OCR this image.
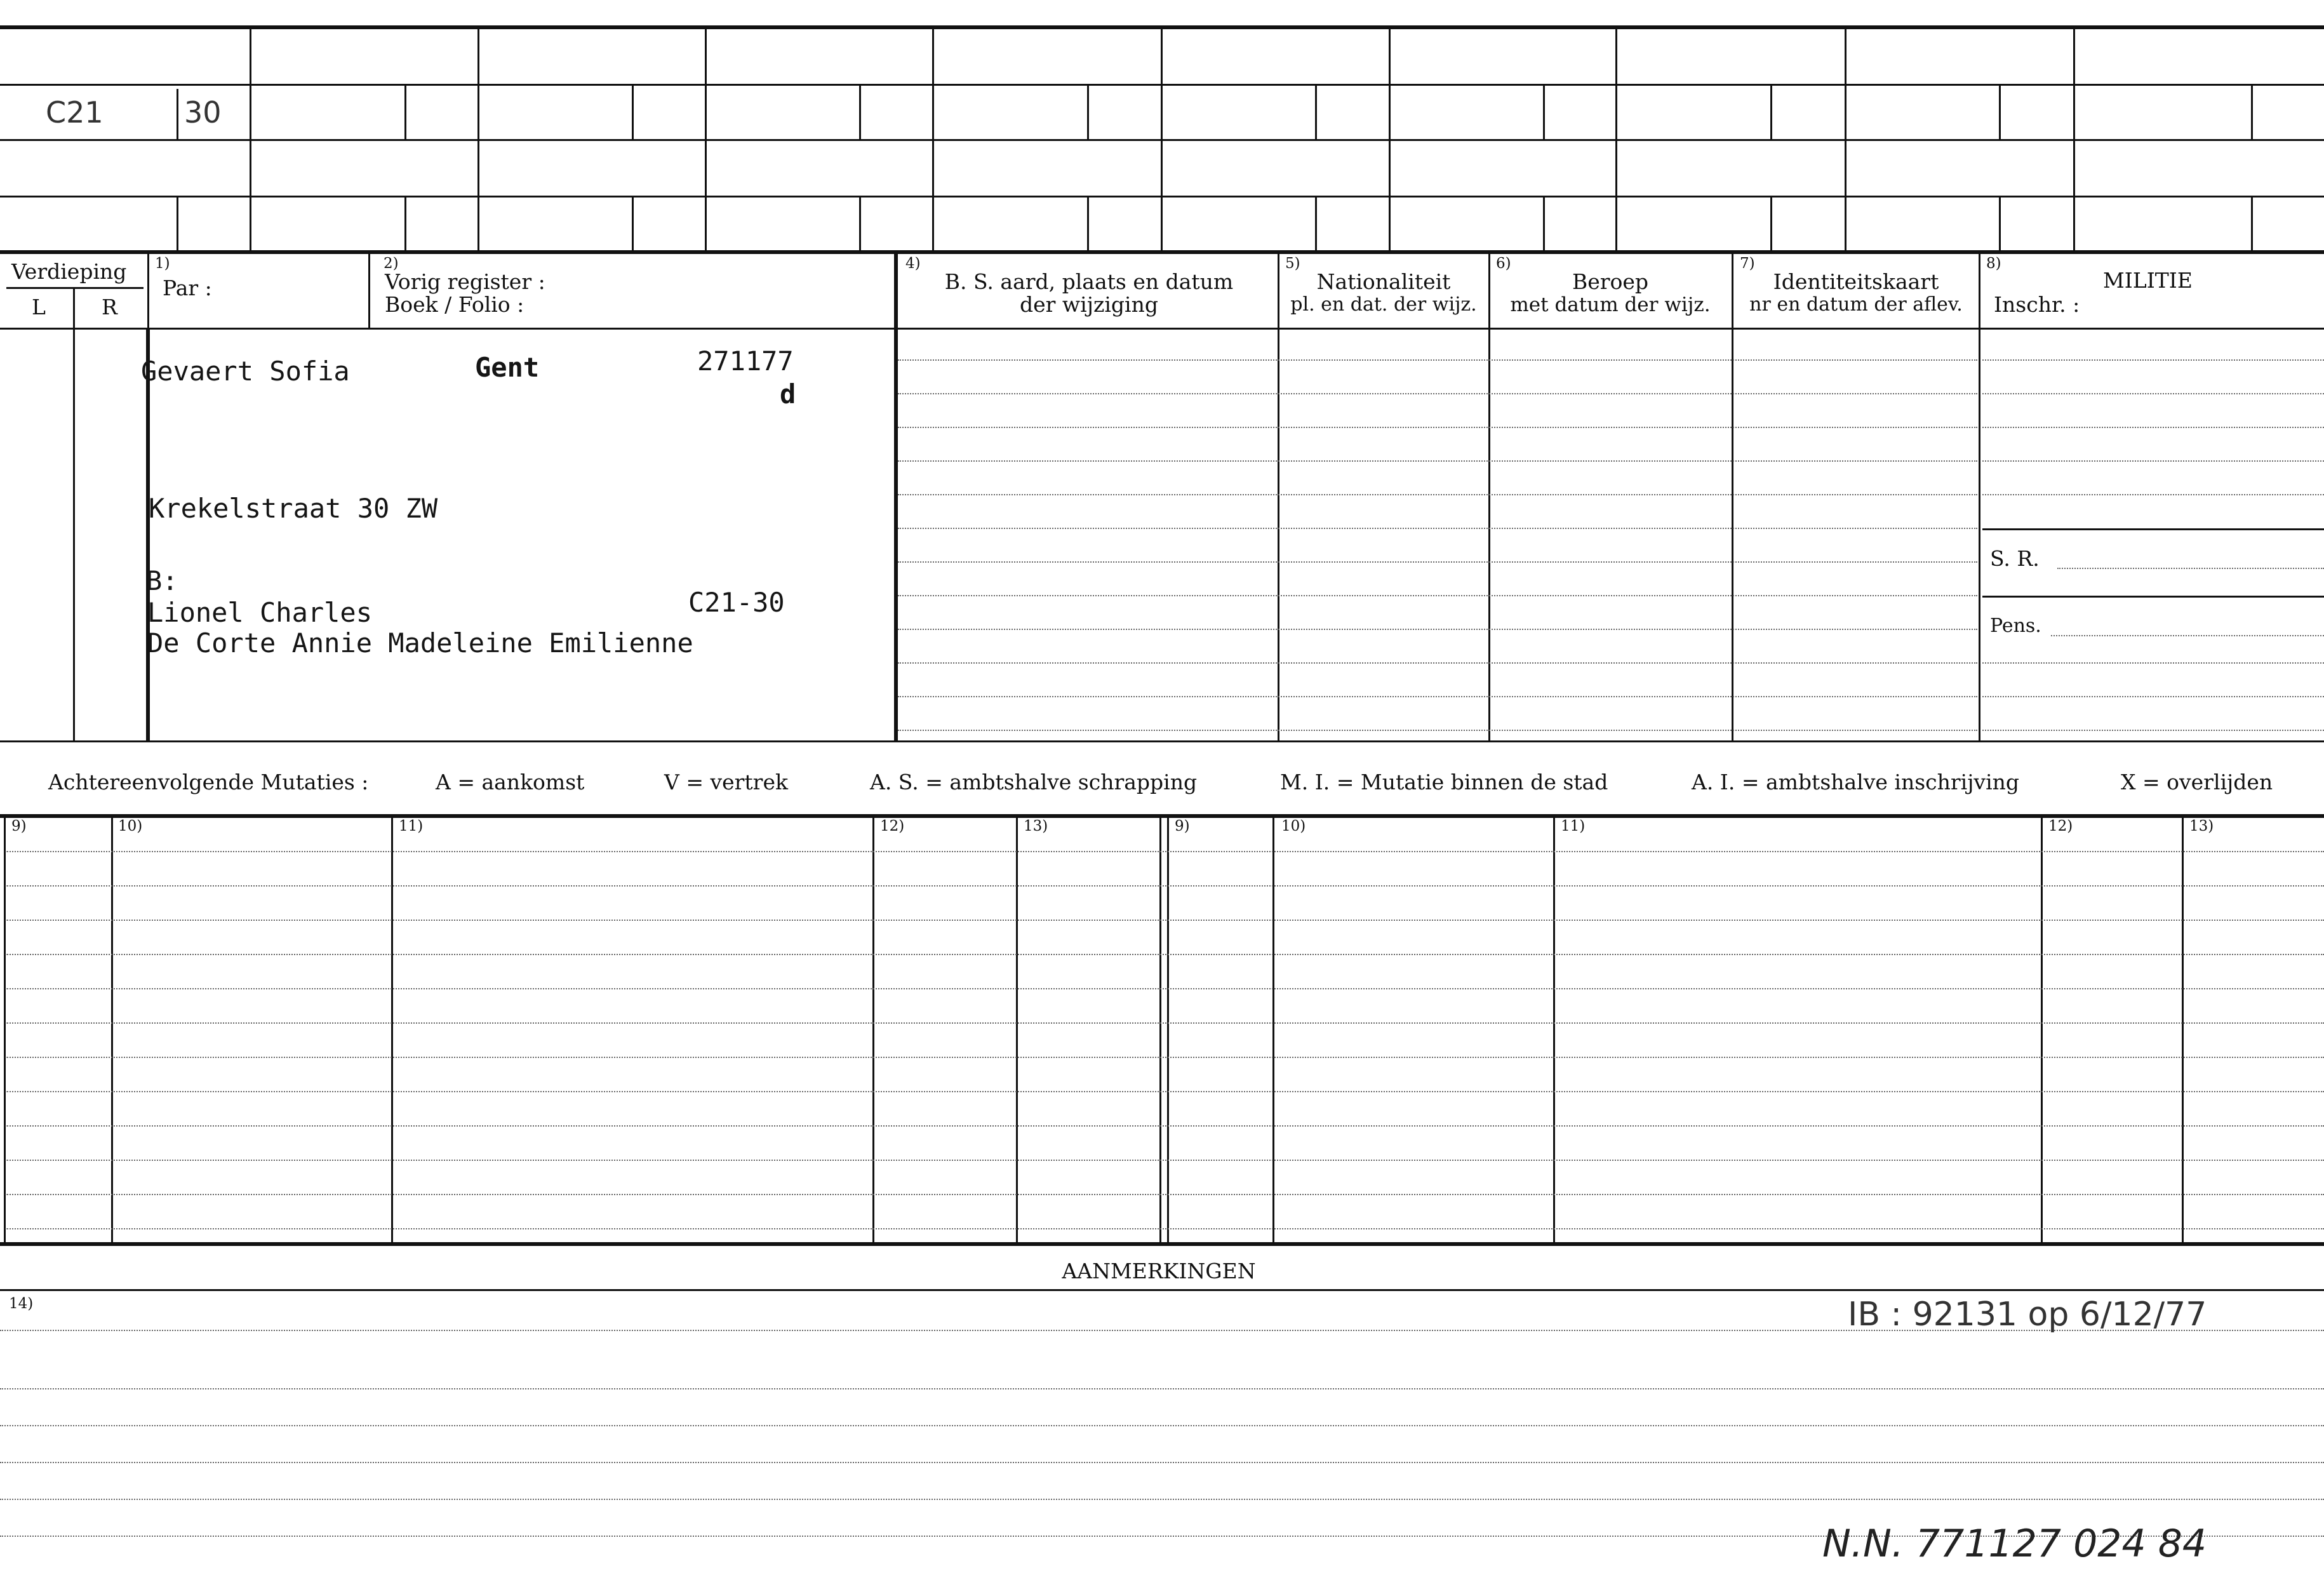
C21	30
Verdieping
L	R
1)
Par :
2)
Vorig register :
Boek / Folio :
4)
B. S. aard, plaats en datum
der wijziging
5)
Nationaliteit
pl. en dat. der wijz.
6)
Beroep
met datum der wijz.
7)
Identiteitskaart
nr en datum der aflev.
8)
MILITIE
Inschr. :
S. R.
Pens.
Gevaert Sofia	Gent	271177
d
Krekelstraat 30 ZW
B:
Lionel Charles	C21-30
De Corte Annie Madeleine Emilienne
Achtereenvolgende Mutaties :	A = aankomst	V = vertrek	A. S. = ambtshalve schrapping	M. I. = Mutatie binnen de stad	A. I. = ambtshalve inschrijving	X = overlijden
9)	10)	11)	12)	13)	9)	10)	11)	12)	13)
AANMERKINGEN
14)	IB : 92131 op 6/12/77
N.N. 771127 024 84
